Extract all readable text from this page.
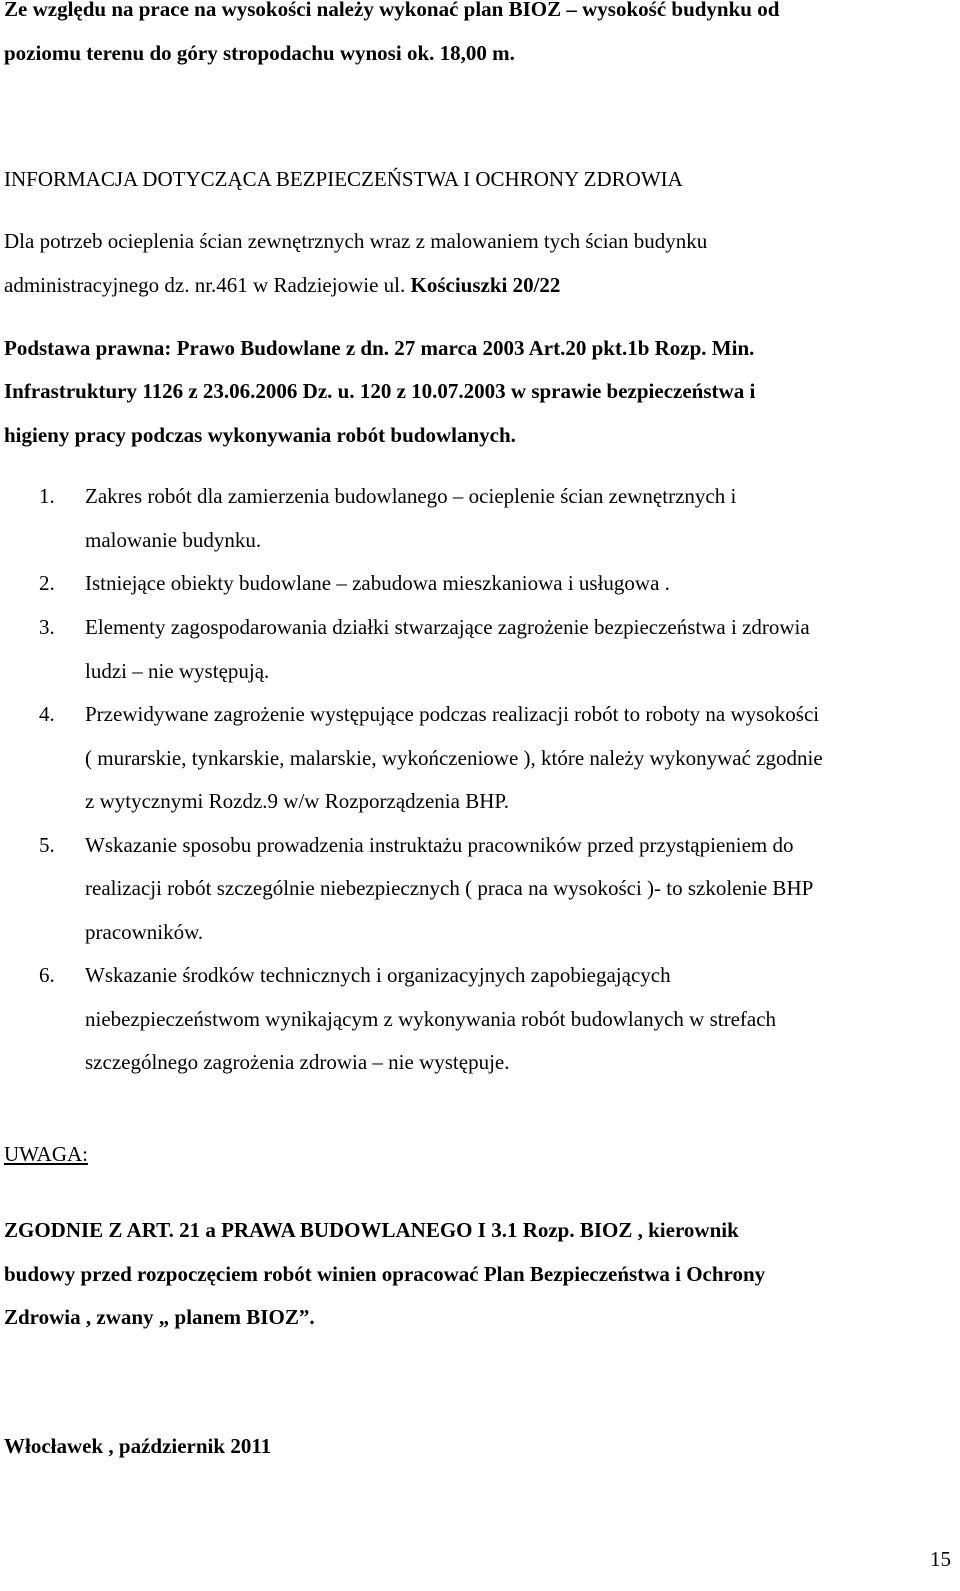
Ze względu na prace na wysokości należy wykonać plan BIOZ – wysokość budynku od
poziomu terenu do góry stropodachu wynosi ok. 18,00 m.
INFORMACJA DOTYCZĄCA BEZPIECZEŃSTWA I OCHRONY ZDROWIA
Dla potrzeb ocieplenia ścian zewnętrznych wraz z malowaniem tych ścian budynku
administracyjnego dz. nr.461 w Radziejowie ul. Kościuszki 20/22
Podstawa prawna: Prawo Budowlane z dn. 27 marca 2003 Art.20 pkt.1b Rozp. Min.
Infrastruktury 1126 z 23.06.2006 Dz. u. 120 z 10.07.2003 w sprawie bezpieczeństwa i
higieny pracy podczas wykonywania robót budowlanych.
1. Zakres robót dla zamierzenia budowlanego – ocieplenie ścian zewnętrznych i
malowanie budynku.
2. Istniejące obiekty budowlane – zabudowa mieszkaniowa i usługowa .
3. Elementy zagospodarowania działki stwarzające zagrożenie bezpieczeństwa i zdrowia
ludzi – nie występują.
4. Przewidywane zagrożenie występujące podczas realizacji robót to roboty na wysokości
( murarskie, tynkarskie, malarskie, wykończeniowe ), które należy wykonywać zgodnie
z wytycznymi Rozdz.9 w/w Rozporządzenia BHP.
5. Wskazanie sposobu prowadzenia instruktażu pracowników przed przystąpieniem do
realizacji robót szczególnie niebezpiecznych ( praca na wysokości )- to szkolenie BHP
pracowników.
6. Wskazanie środków technicznych i organizacyjnych zapobiegających
niebezpieczeństwom wynikającym z wykonywania robót budowlanych w strefach
szczególnego zagrożenia zdrowia – nie występuje.
UWAGA:
ZGODNIE Z ART. 21 a PRAWA BUDOWLANEGO I 3.1 Rozp. BIOZ , kierownik
budowy przed rozpoczęciem robót winien opracować Plan Bezpieczeństwa i Ochrony
Zdrowia , zwany „ planem BIOZ”.
Włocławek , październik 2011
15
